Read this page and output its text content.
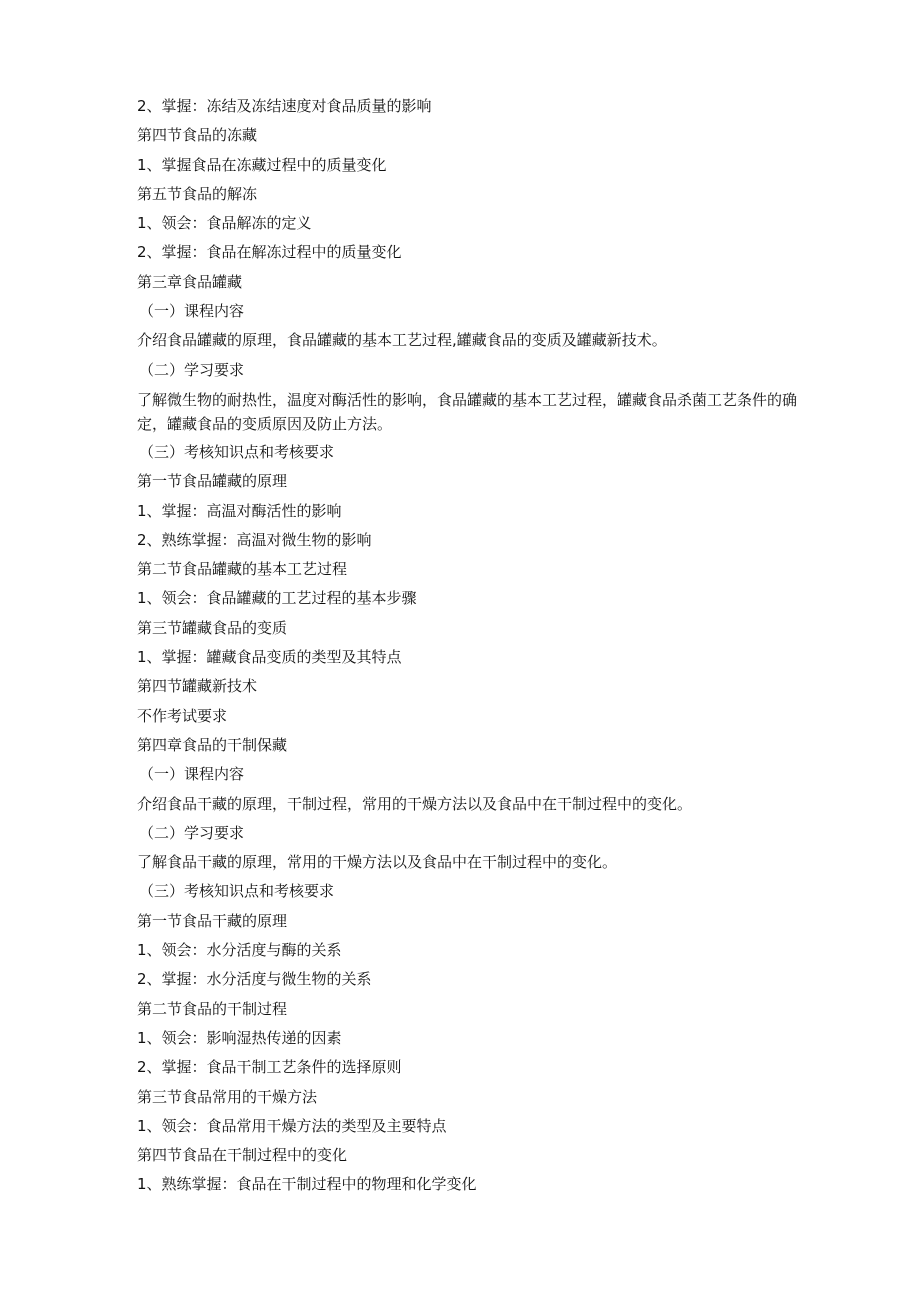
2、掌握：冻结及冻结速度对食品质量的影响
第四节食品的冻藏
1、掌握食品在冻藏过程中的质量变化
第五节食品的解冻
1、领会：食品解冻的定义
2、掌握：食品在解冻过程中的质量变化
第三章食品罐藏
（一）课程内容
介绍食品罐藏的原理，食品罐藏的基本工艺过程,罐藏食品的变质及罐藏新技术。
（二）学习要求
了解微生物的耐热性，温度对酶活性的影响，食品罐藏的基本工艺过程，罐藏食品杀菌工艺条件的确定，罐藏食品的变质原因及防止方法。
（三）考核知识点和考核要求
第一节食品罐藏的原理
1、掌握：高温对酶活性的影响
2、熟练掌握：高温对微生物的影响
第二节食品罐藏的基本工艺过程
1、领会：食品罐藏的工艺过程的基本步骤
第三节罐藏食品的变质
1、掌握：罐藏食品变质的类型及其特点
第四节罐藏新技术
不作考试要求
第四章食品的干制保藏
（一）课程内容
介绍食品干藏的原理，干制过程，常用的干燥方法以及食品中在干制过程中的变化。
（二）学习要求
了解食品干藏的原理，常用的干燥方法以及食品中在干制过程中的变化。
（三）考核知识点和考核要求
第一节食品干藏的原理
1、领会：水分活度与酶的关系
2、掌握：水分活度与微生物的关系
第二节食品的干制过程
1、领会：影响湿热传递的因素
2、掌握：食品干制工艺条件的选择原则
第三节食品常用的干燥方法
1、领会：食品常用干燥方法的类型及主要特点
第四节食品在干制过程中的变化
1、熟练掌握：食品在干制过程中的物理和化学变化
